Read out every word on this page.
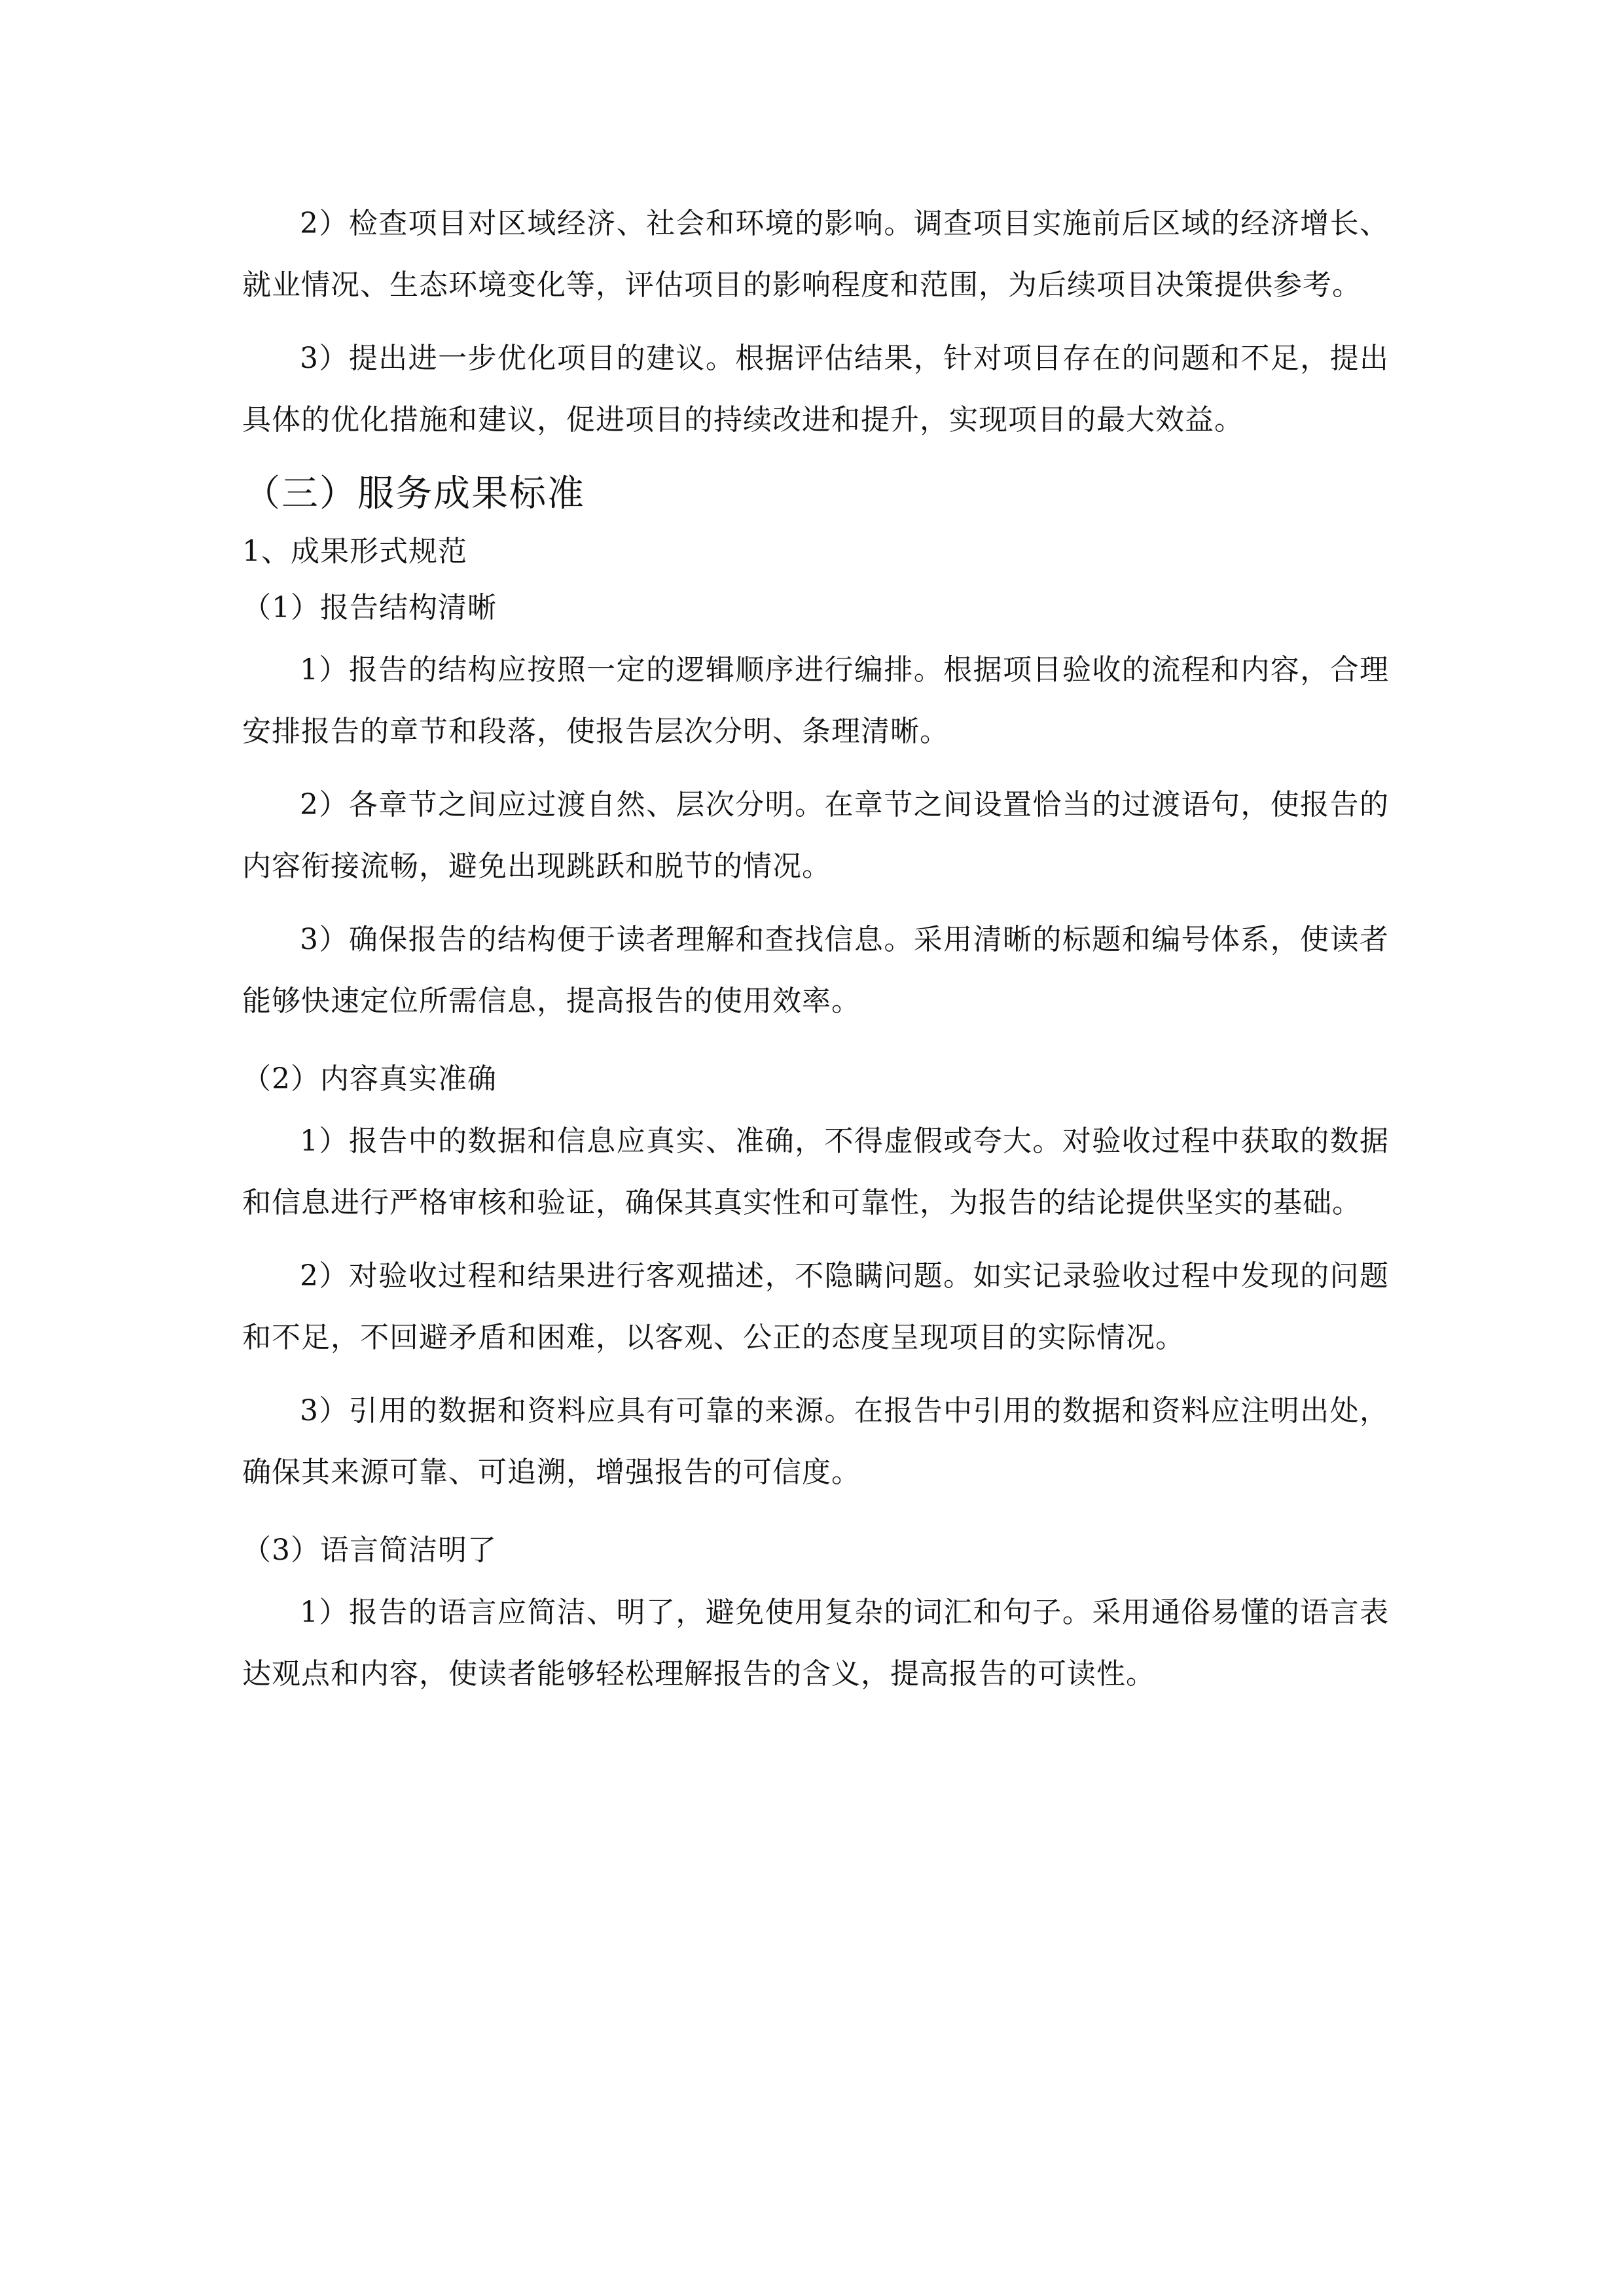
2）检查项目对区域经济、社会和环境的影响。调查项目实施前后区域的经济增长、就业情况、生态环境变化等，评估项目的影响程度和范围，为后续项目决策提供参考。

3）提出进一步优化项目的建议。根据评估结果，针对项目存在的问题和不足，提出具体的优化措施和建议，促进项目的持续改进和提升，实现项目的最大效益。

（三）服务成果标准
1、成果形式规范
（1）报告结构清晰

1）报告的结构应按照一定的逻辑顺序进行编排。根据项目验收的流程和内容，合理安排报告的章节和段落，使报告层次分明、条理清晰。

2）各章节之间应过渡自然、层次分明。在章节之间设置恰当的过渡语句，使报告的内容衔接流畅，避免出现跳跃和脱节的情况。

3）确保报告的结构便于读者理解和查找信息。采用清晰的标题和编号体系，使读者能够快速定位所需信息，提高报告的使用效率。

（2）内容真实准确

1）报告中的数据和信息应真实、准确，不得虚假或夸大。对验收过程中获取的数据和信息进行严格审核和验证，确保其真实性和可靠性，为报告的结论提供坚实的基础。

2）对验收过程和结果进行客观描述，不隐瞒问题。如实记录验收过程中发现的问题和不足，不回避矛盾和困难，以客观、公正的态度呈现项目的实际情况。

3）引用的数据和资料应具有可靠的来源。在报告中引用的数据和资料应注明出处，确保其来源可靠、可追溯，增强报告的可信度。

（3）语言简洁明了

1）报告的语言应简洁、明了，避免使用复杂的词汇和句子。采用通俗易懂的语言表达观点和内容，使读者能够轻松理解报告的含义，提高报告的可读性。
